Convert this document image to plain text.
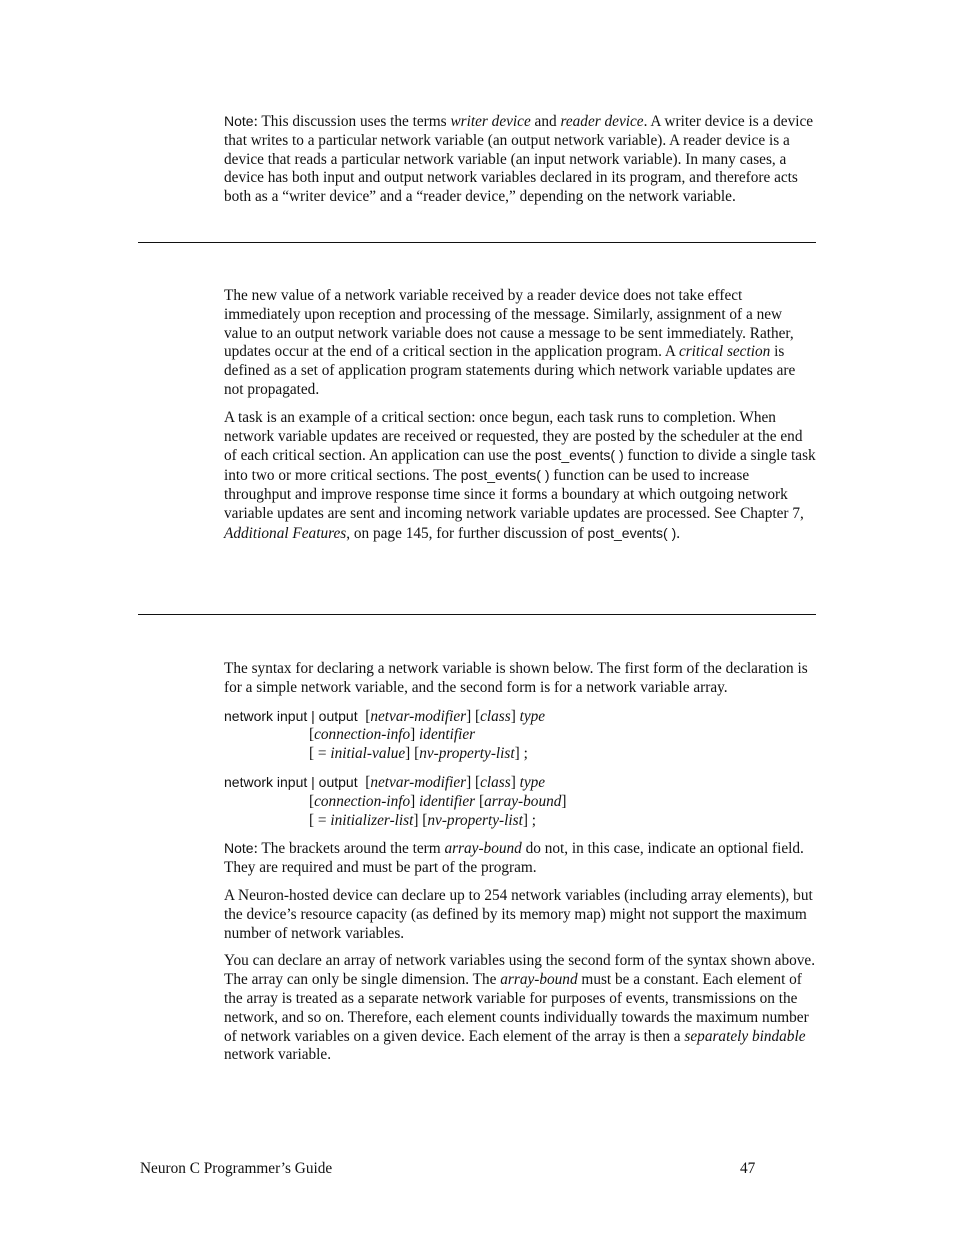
Note: This discussion uses the terms writer device and reader device. A writer device is a device that writes to a particular network variable (an output network variable). A reader device is a device that reads a particular network variable (an input network variable). In many cases, a device has both input and output network variables declared in its program, and therefore acts both as a “writer device” and a “reader device,” depending on the network variable.

The new value of a network variable received by a reader device does not take effect immediately upon reception and processing of the message. Similarly, assignment of a new value to an output network variable does not cause a message to be sent immediately. Rather, updates occur at the end of a critical section in the application program. A critical section is defined as a set of application program statements during which network variable updates are not propagated.

A task is an example of a critical section: once begun, each task runs to completion. When network variable updates are received or requested, they are posted by the scheduler at the end of each critical section. An application can use the post_events( ) function to divide a single task into two or more critical sections. The post_events( ) function can be used to increase throughput and improve response time since it forms a boundary at which outgoing network variable updates are sent and incoming network variable updates are processed. See Chapter 7, Additional Features, on page 145, for further discussion of post_events( ).

The syntax for declaring a network variable is shown below. The first form of the declaration is for a simple network variable, and the second form is for a network variable array.

network input | output  [netvar-modifier] [class] type
[connection-info] identifier
[ = initial-value] [nv-property-list] ;
network input | output  [netvar-modifier] [class] type
[connection-info] identifier [array-bound]
[ = initializer-list] [nv-property-list] ;

Note: The brackets around the term array-bound do not, in this case, indicate an optional field. They are required and must be part of the program.

A Neuron-hosted device can declare up to 254 network variables (including array elements), but the device’s resource capacity (as defined by its memory map) might not support the maximum number of network variables.

You can declare an array of network variables using the second form of the syntax shown above. The array can only be single dimension. The array-bound must be a constant. Each element of the array is treated as a separate network variable for purposes of events, transmissions on the network, and so on. Therefore, each element counts individually towards the maximum number of network variables on a given device. Each element of the array is then a separately bindable network variable.

Neuron C Programmer’s Guide	47
